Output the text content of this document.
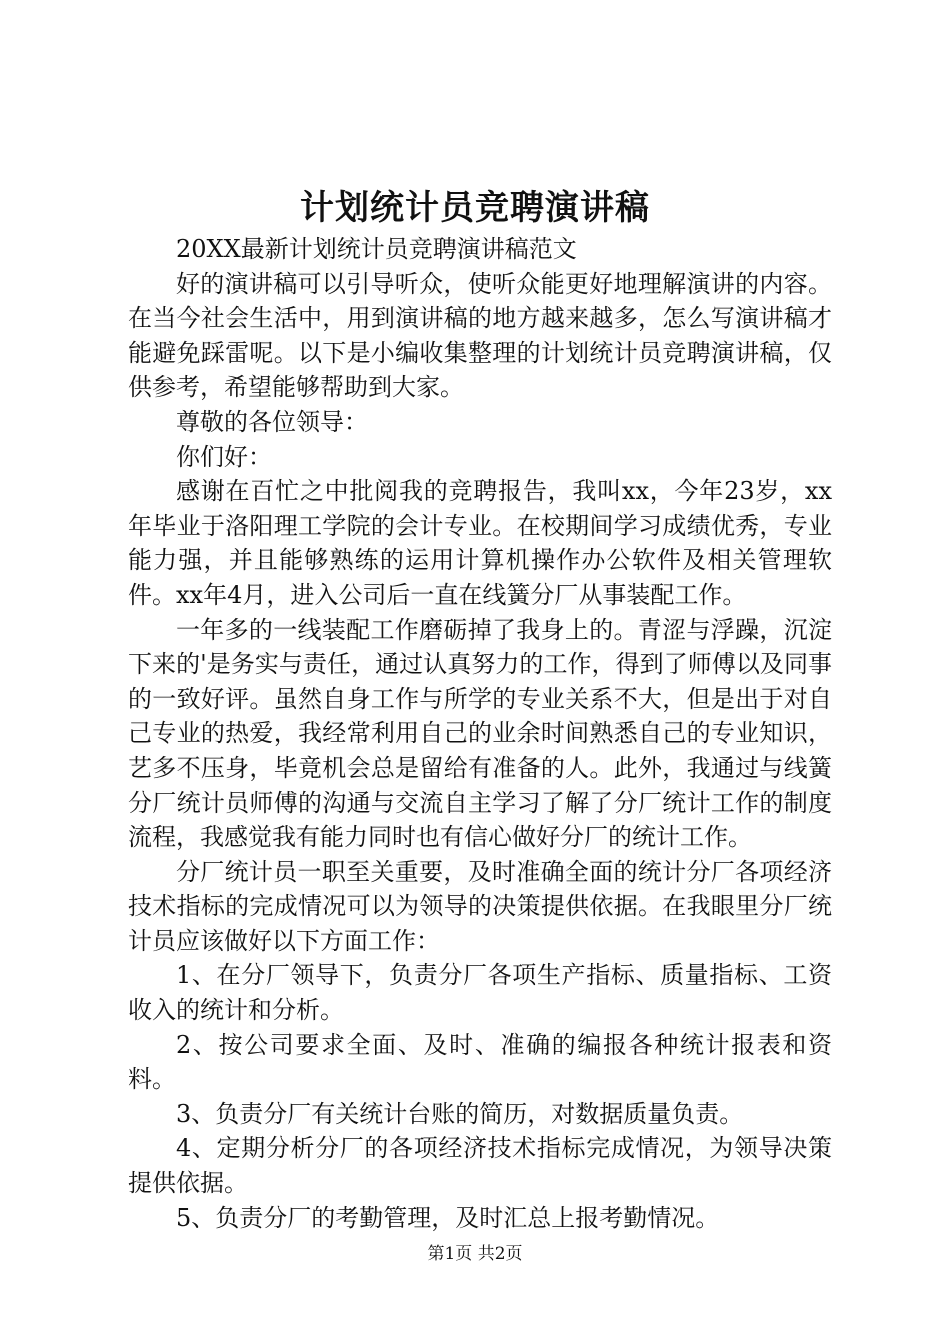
计划统计员竞聘演讲稿

20XX最新计划统计员竞聘演讲稿范文

好的演讲稿可以引导听众，使听众能更好地理解演讲的内容。在当今社会生活中，用到演讲稿的地方越来越多，怎么写演讲稿才能避免踩雷呢。以下是小编收集整理的计划统计员竞聘演讲稿，仅供参考，希望能够帮助到大家。

尊敬的各位领导：

你们好：

感谢在百忙之中批阅我的竞聘报告，我叫xx，今年23岁，xx年毕业于洛阳理工学院的会计专业。在校期间学习成绩优秀，专业能力强，并且能够熟练的运用计算机操作办公软件及相关管理软件。xx年4月，进入公司后一直在线簧分厂从事装配工作。

一年多的一线装配工作磨砺掉了我身上的。青涩与浮躁，沉淀下来的'是务实与责任，通过认真努力的工作，得到了师傅以及同事的一致好评。虽然自身工作与所学的专业关系不大，但是出于对自己专业的热爱，我经常利用自己的业余时间熟悉自己的专业知识，艺多不压身，毕竟机会总是留给有准备的人。此外，我通过与线簧分厂统计员师傅的沟通与交流自主学习了解了分厂统计工作的制度流程，我感觉我有能力同时也有信心做好分厂的统计工作。

分厂统计员一职至关重要，及时准确全面的统计分厂各项经济技术指标的完成情况可以为领导的决策提供依据。在我眼里分厂统计员应该做好以下方面工作：

1、在分厂领导下，负责分厂各项生产指标、质量指标、工资收入的统计和分析。

2、按公司要求全面、及时、准确的编报各种统计报表和资料。

3、负责分厂有关统计台账的简历，对数据质量负责。

4、定期分析分厂的各项经济技术指标完成情况，为领导决策提供依据。

5、负责分厂的考勤管理，及时汇总上报考勤情况。

第1页 共2页
